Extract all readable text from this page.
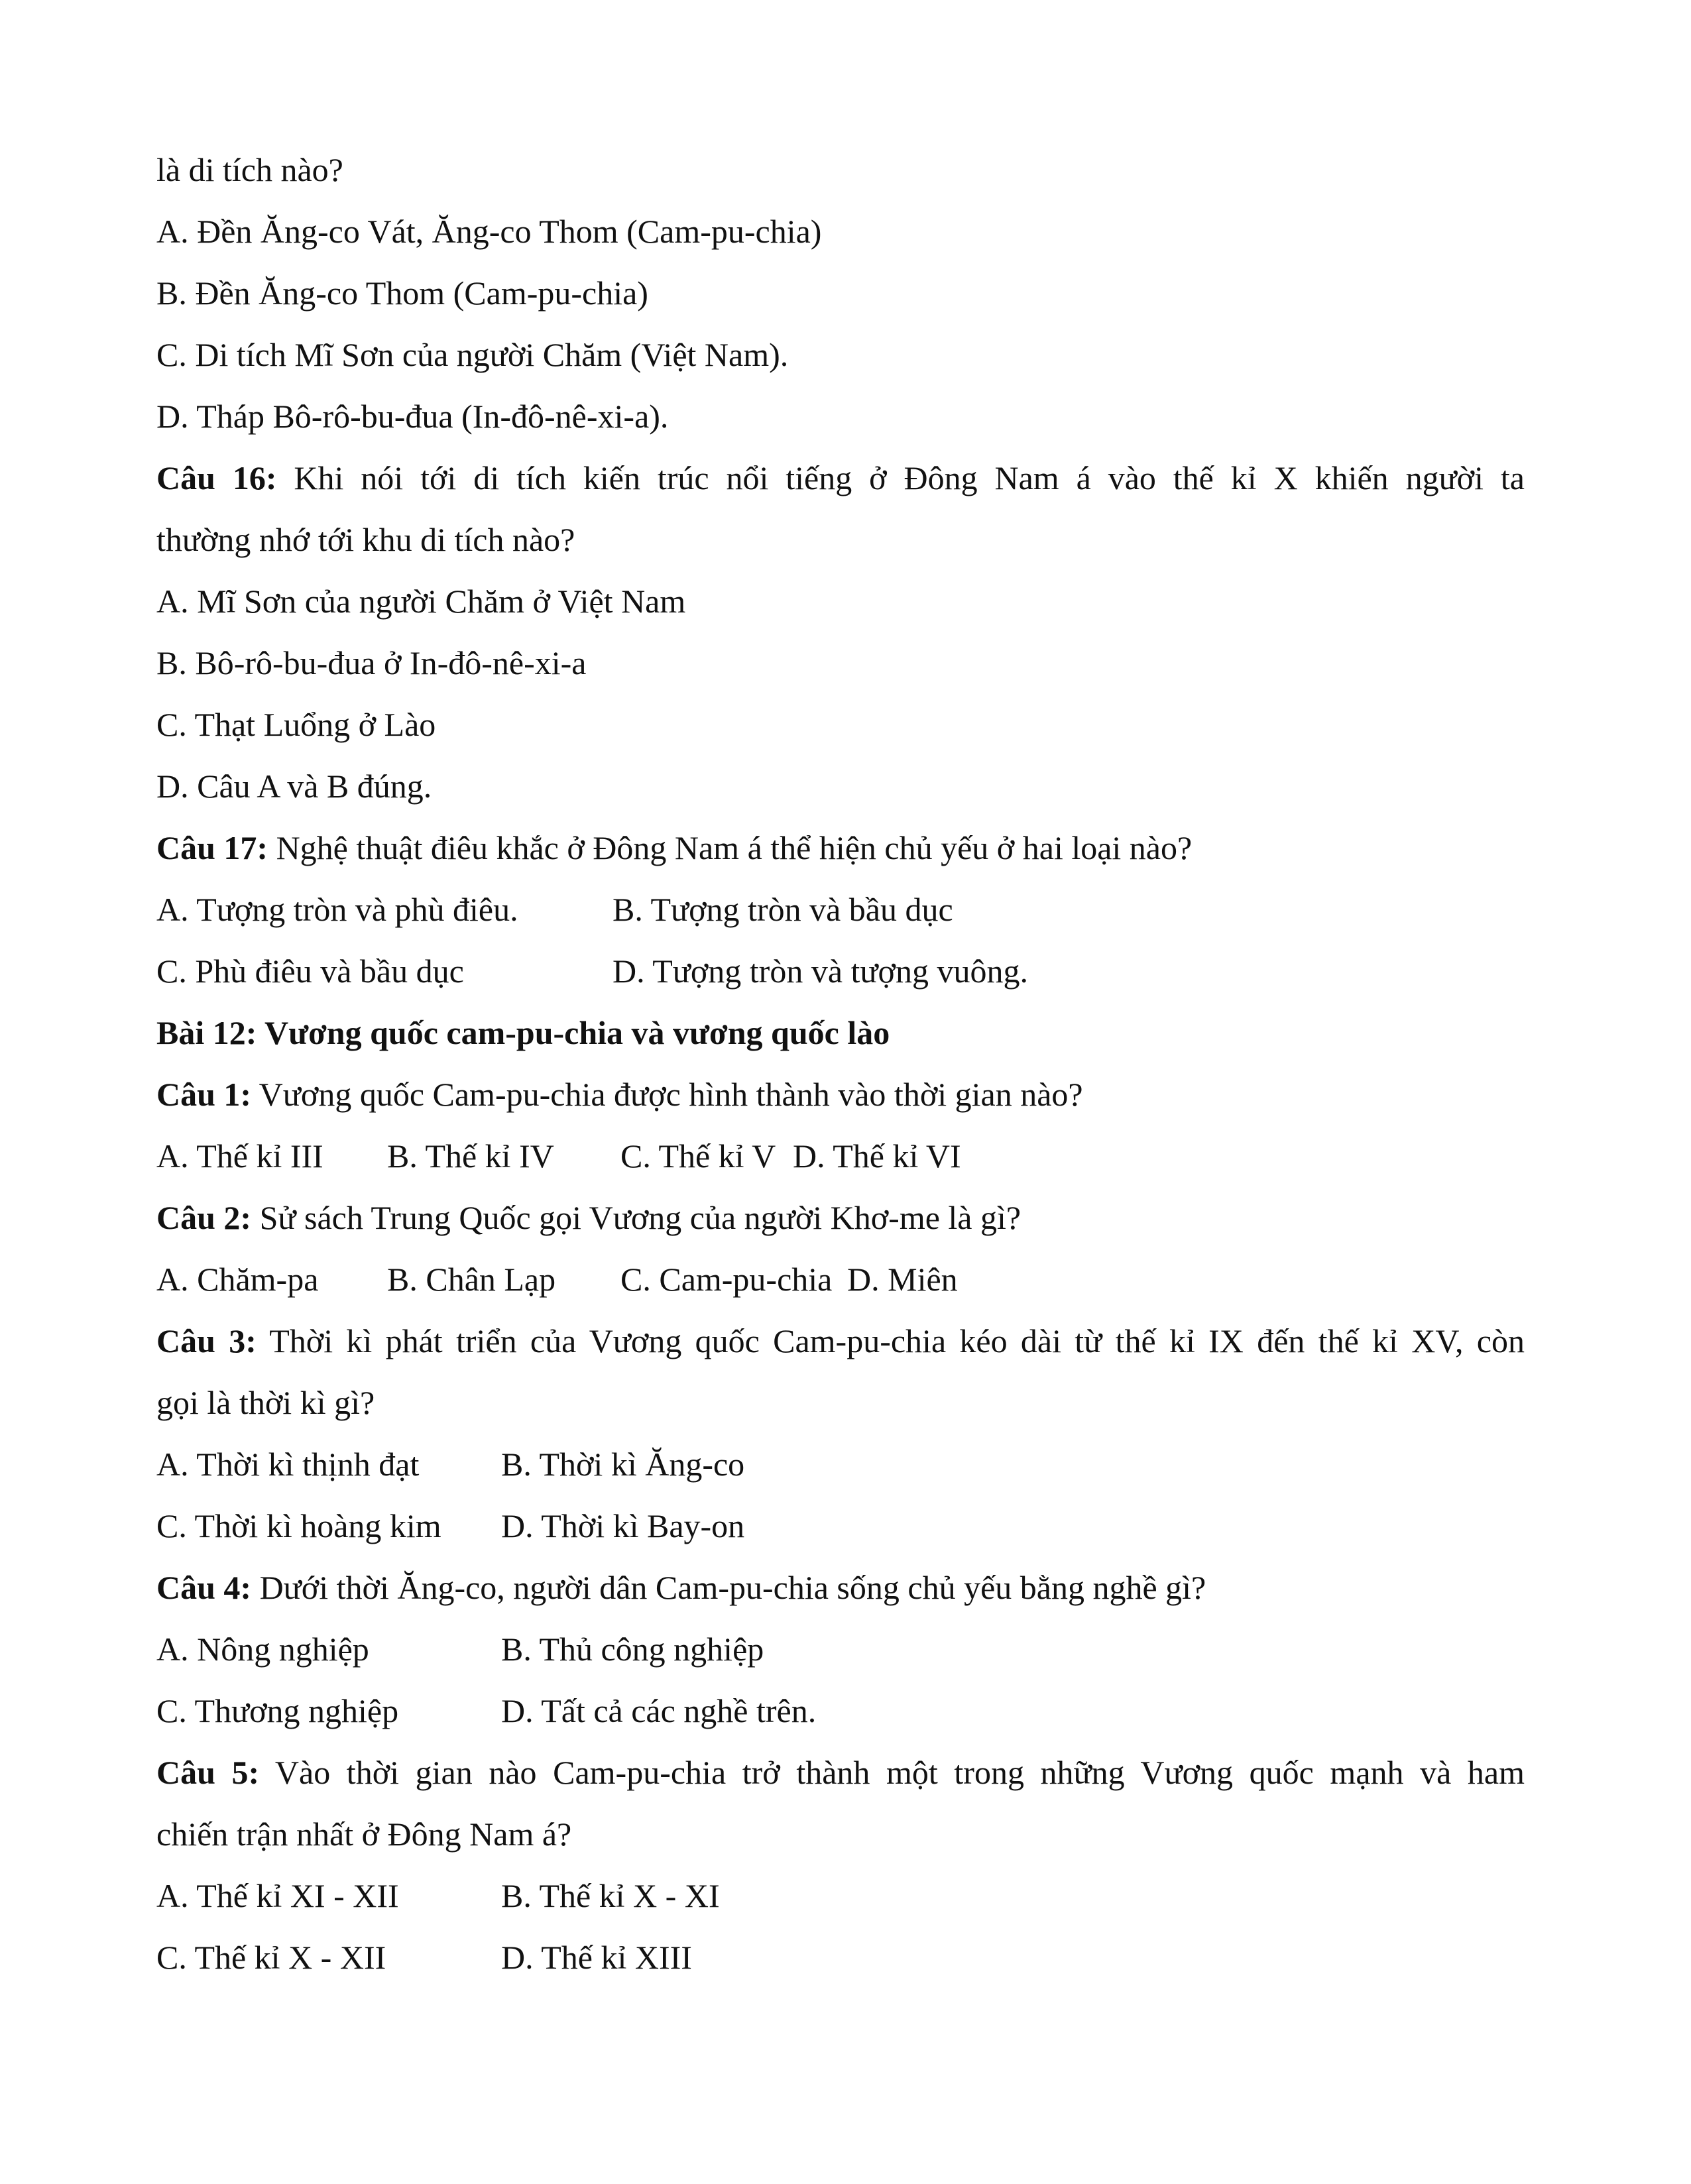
là di tích nào?
A. Đền Ăng-co Vát, Ăng-co Thom (Cam-pu-chia)
B. Đền Ăng-co Thom (Cam-pu-chia)
C. Di tích Mĩ Sơn của người Chăm (Việt Nam).
D. Tháp Bô-rô-bu-đua (In-đô-nê-xi-a).
Câu 16: Khi nói tới di tích kiến trúc nổi tiếng ở Đông Nam á vào thế kỉ X khiến người ta
thường nhớ tới khu di tích nào?
A. Mĩ Sơn của người Chăm ở Việt Nam
B. Bô-rô-bu-đua ở In-đô-nê-xi-a
C. Thạt Luổng ở Lào
D. Câu A và B đúng.
Câu 17: Nghệ thuật điêu khắc ở Đông Nam á thể hiện chủ yếu ở hai loại nào?
A. Tượng tròn và phù điêu.	B. Tượng tròn và bầu dục
C. Phù điêu và bầu dục	D. Tượng tròn và tượng vuông.
Bài 12: Vương quốc cam-pu-chia và vương quốc lào
Câu 1: Vương quốc Cam-pu-chia được hình thành vào thời gian nào?
A. Thế kỉ III B. Thế kỉ IV C. Thế kỉ V D. Thế kỉ VI
Câu 2: Sử sách Trung Quốc gọi Vương của người Khơ-me là gì?
A. Chăm-pa B. Chân Lạp C. Cam-pu-chia D. Miên
Câu 3: Thời kì phát triển của Vương quốc Cam-pu-chia kéo dài từ thế kỉ IX đến thế kỉ XV, còn
gọi là thời kì gì?
A. Thời kì thịnh đạt B. Thời kì Ăng-co
C. Thời kì hoàng kim D. Thời kì Bay-on
Câu 4: Dưới thời Ăng-co, người dân Cam-pu-chia sống chủ yếu bằng nghề gì?
A. Nông nghiệp	B. Thủ công nghiệp
C. Thương nghiệp	D. Tất cả các nghề trên.
Câu 5: Vào thời gian nào Cam-pu-chia trở thành một trong những Vương quốc mạnh và ham
chiến trận nhất ở Đông Nam á?
A. Thế kỉ XI - XII	B. Thế kỉ X - XI
C. Thế kỉ X - XII	D. Thế kỉ XIII
